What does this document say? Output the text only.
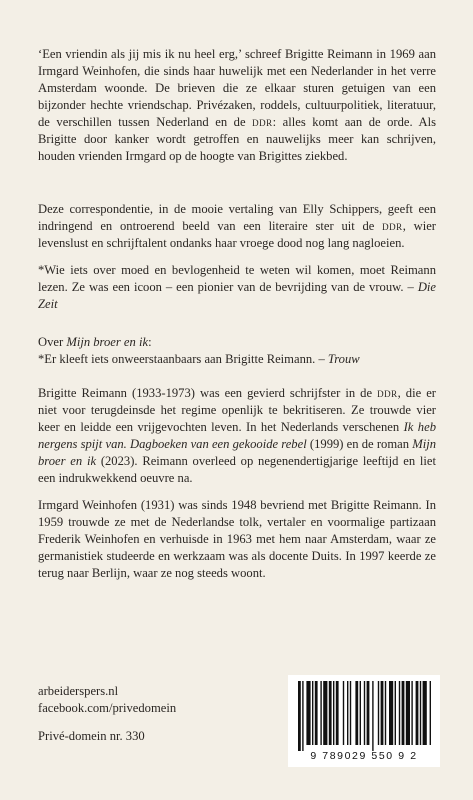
‘Een vriendin als jij mis ik nu heel erg,’ schreef Brigitte Reimann in 1969 aan Irmgard Weinhofen, die sinds haar huwelijk met een Nederlander in het verre Amsterdam woonde. De brieven die ze elkaar sturen getuigen van een bijzonder hechte vriendschap. Privézaken, roddels, cultuurpolitiek, literatuur, de verschillen tussen Nederland en de ddr: alles komt aan de orde. Als Brigitte door kanker wordt getroffen en nauwelijks meer kan schrijven, houden vrienden Irmgard op de hoogte van Brigittes ziekbed.

Deze correspondentie, in de mooie vertaling van Elly Schippers, geeft een indringend en ontroerend beeld van een literaire ster uit de ddr, wier levenslust en schrijftalent ondanks haar vroege dood nog lang nagloeien.

*Wie iets over moed en bevlogenheid te weten wil komen, moet Reimann lezen. Ze was een icoon – een pionier van de bevrijding van de vrouw. – Die Zeit

Over Mijn broer en ik:
*Er kleeft iets onweerstaanbaars aan Brigitte Reimann. – Trouw

Brigitte Reimann (1933-1973) was een gevierd schrijfster in de ddr, die er niet voor terugdeinsde het regime openlijk te bekritiseren. Ze trouwde vier keer en leidde een vrijgevochten leven. In het Nederlands verschenen Ik heb nergens spijt van. Dagboeken van een gekooide rebel (1999) en de roman Mijn broer en ik (2023). Reimann overleed op negenendertigjarige leeftijd en liet een indrukwekkend oeuvre na.

Irmgard Weinhofen (1931) was sinds 1948 bevriend met Brigitte Reimann. In 1959 trouwde ze met de Nederlandse tolk, vertaler en voormalige partizaan Frederik Weinhofen en verhuisde in 1963 met hem naar Amsterdam, waar ze germanistiek studeerde en werkzaam was als docente Duits. In 1997 keerde ze terug naar Berlijn, waar ze nog steeds woont.

arbeiderspers.nl
facebook.com/privedomein
Privé-domein nr. 330
9 789029 550 9 2
